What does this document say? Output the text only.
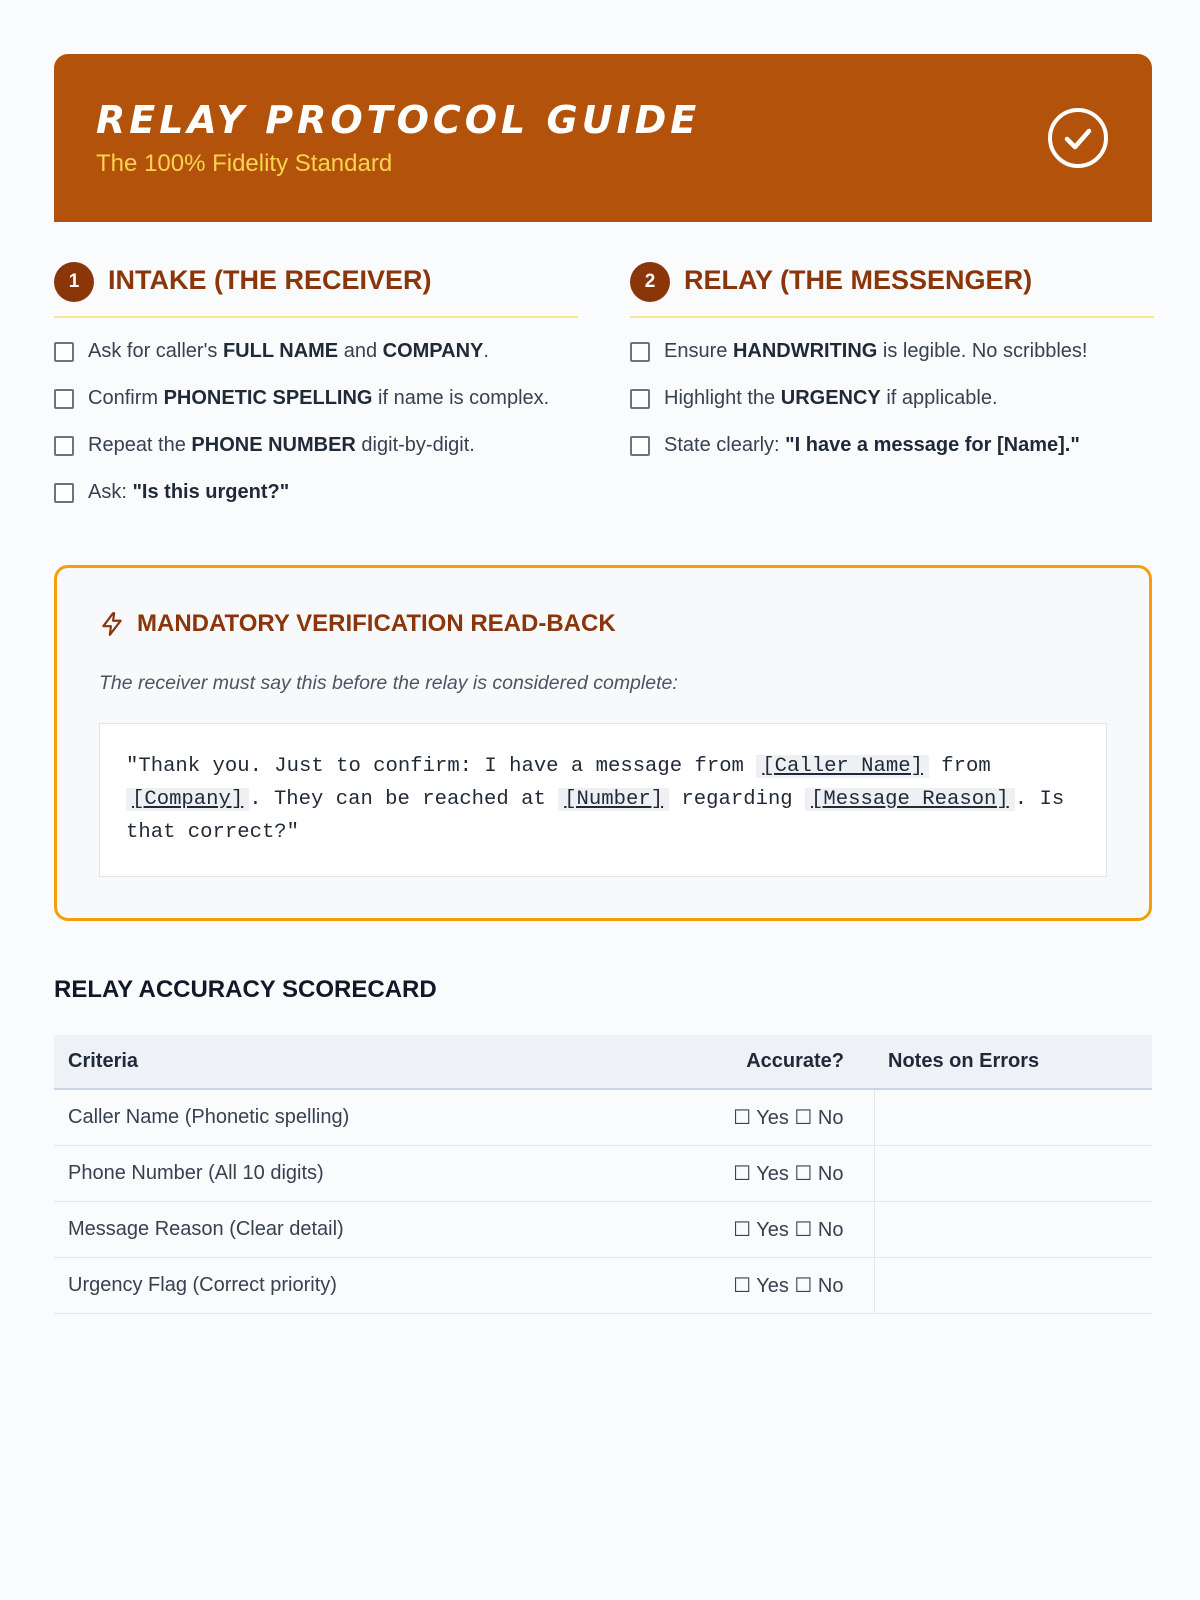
RELAY PROTOCOL GUIDE
The 100% Fidelity Standard
1	INTAKE (THE RECEIVER)
Ask for caller's FULL NAME and COMPANY.
Confirm PHONETIC SPELLING if name is complex.
Repeat the PHONE NUMBER digit-by-digit.
Ask: "Is this urgent?"
2	RELAY (THE MESSENGER)
Ensure HANDWRITING is legible. No scribbles!
Highlight the URGENCY if applicable.
State clearly: "I have a message for [Name]."
MANDATORY VERIFICATION READ-BACK
The receiver must say this before the relay is considered complete:
"Thank you. Just to confirm: I have a message from [Caller Name] from [Company] . They can be reached at [Number] regarding [Message Reason] . Is that correct?"
RELAY ACCURACY SCORECARD
Criteria	Accurate?	Notes on Errors
Caller Name (Phonetic spelling)	☐ Yes ☐ No	
Phone Number (All 10 digits)	☐ Yes ☐ No	
Message Reason (Clear detail)	☐ Yes ☐ No	
Urgency Flag (Correct priority)	☐ Yes ☐ No	
